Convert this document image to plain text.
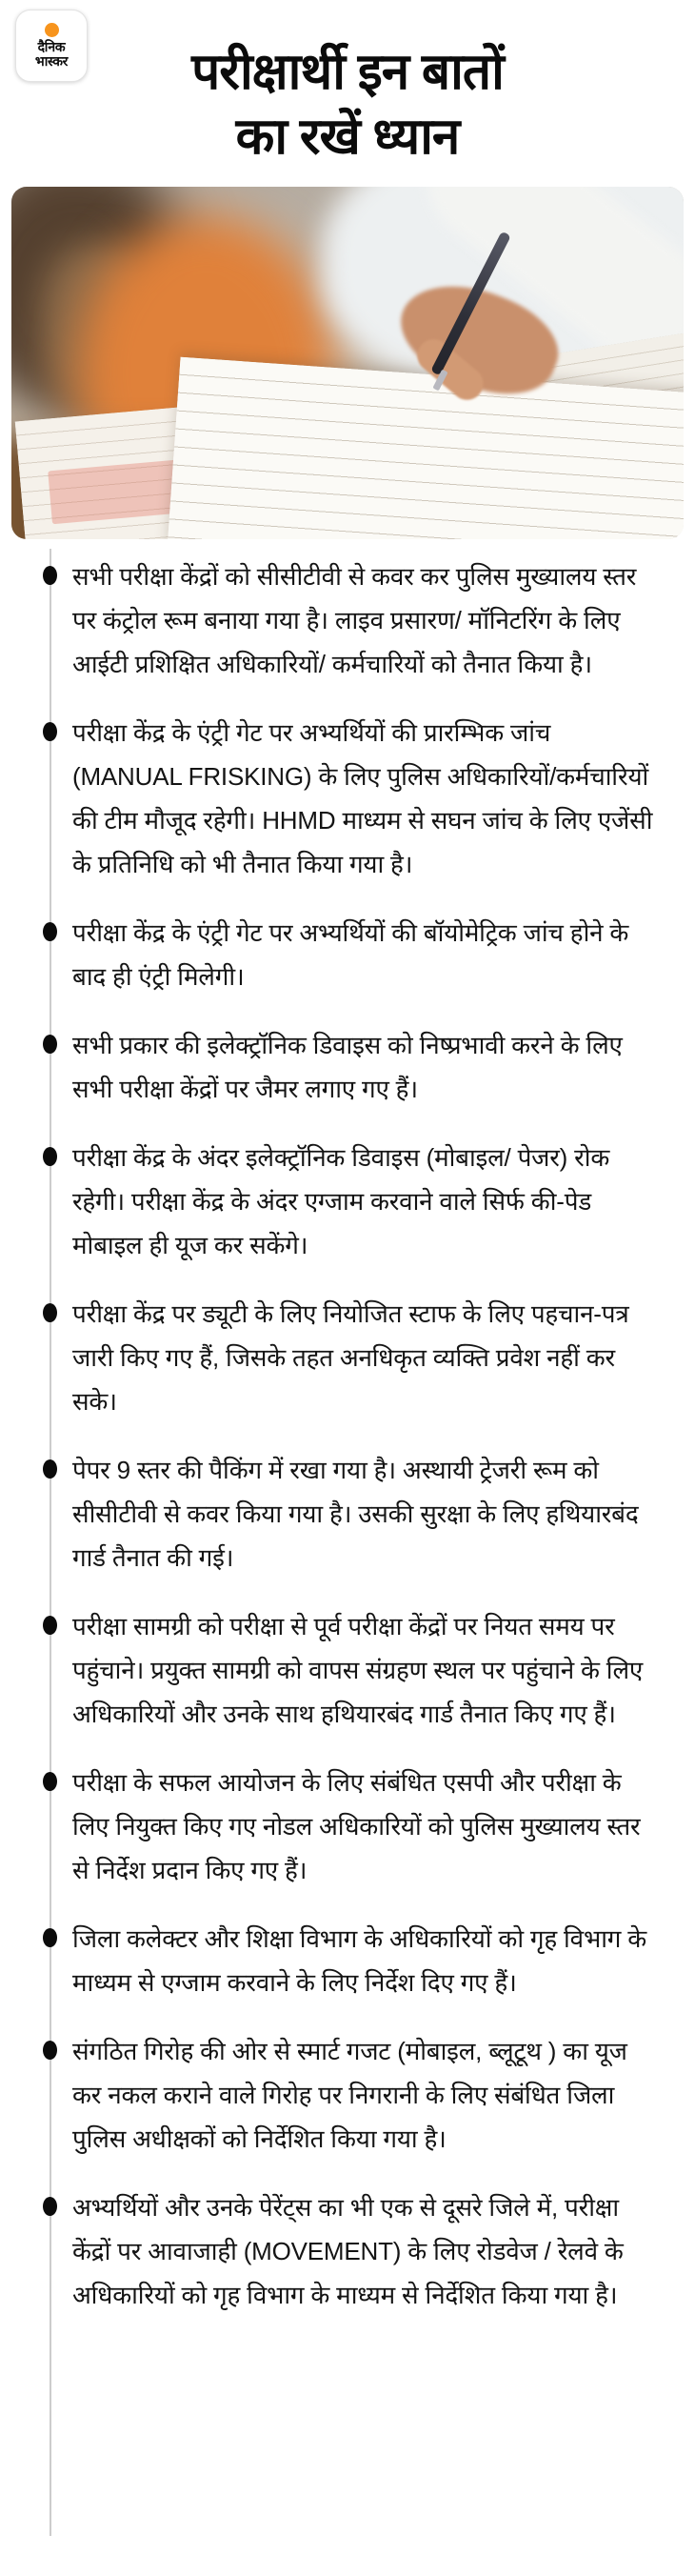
दैनिक
भास्कर	परीक्षार्थी इन बातों
का रखें ध्यान
सभी परीक्षा केंद्रों को सीसीटीवी से कवर कर पुलिस मुख्यालय स्तर पर कंट्रोल रूम बनाया गया है। लाइव प्रसारण/ मॉनिटरिंग के लिए आईटी प्रशिक्षित अधिकारियों/ कर्मचारियों को तैनात किया है।
परीक्षा केंद्र के एंट्री गेट पर अभ्यर्थियों की प्रारम्भिक जांच (MANUAL FRISKING) के लिए पुलिस अधिकारियों/कर्मचारियों की टीम मौजूद रहेगी। HHMD माध्यम से सघन जांच के लिए एजेंसी के प्रतिनिधि को भी तैनात किया गया है।
परीक्षा केंद्र के एंट्री गेट पर अभ्यर्थियों की बॉयोमेट्रिक जांच होने के बाद ही एंट्री मिलेगी।
सभी प्रकार की इलेक्ट्रॉनिक डिवाइस को निष्प्रभावी करने के लिए सभी परीक्षा केंद्रों पर जैमर लगाए गए हैं।
परीक्षा केंद्र के अंदर इलेक्ट्रॉनिक डिवाइस (मोबाइल/ पेजर) रोक रहेगी। परीक्षा केंद्र के अंदर एग्जाम करवाने वाले सिर्फ की-पेड मोबाइल ही यूज कर सकेंगे।
परीक्षा केंद्र पर ड्यूटी के लिए नियोजित स्टाफ के लिए पहचान-पत्र जारी किए गए हैं, जिसके तहत अनधिकृत व्यक्ति प्रवेश नहीं कर सके।
पेपर 9 स्तर की पैकिंग में रखा गया है। अस्थायी ट्रेजरी रूम को सीसीटीवी से कवर किया गया है। उसकी सुरक्षा के लिए हथियारबंद गार्ड तैनात की गई।
परीक्षा सामग्री को परीक्षा से पूर्व परीक्षा केंद्रों पर नियत समय पर पहुंचाने। प्रयुक्त सामग्री को वापस संग्रहण स्थल पर पहुंचाने के लिए अधिकारियों और उनके साथ हथियारबंद गार्ड तैनात किए गए हैं।
परीक्षा के सफल आयोजन के लिए संबंधित एसपी और परीक्षा के लिए नियुक्त किए गए नोडल अधिकारियों को पुलिस मुख्यालय स्तर से निर्देश प्रदान किए गए हैं।
जिला कलेक्टर और शिक्षा विभाग के अधिकारियों को गृह विभाग के माध्यम से एग्जाम करवाने के लिए निर्देश दिए गए हैं।
संगठित गिरोह की ओर से स्मार्ट गजट (मोबाइल, ब्लूटूथ ) का यूज कर नकल कराने वाले गिरोह पर निगरानी के लिए संबंधित जिला पुलिस अधीक्षकों को निर्देशित किया गया है।
अभ्यर्थियों और उनके पेरेंट्स का भी एक से दूसरे जिले में, परीक्षा केंद्रों पर आवाजाही (MOVEMENT) के लिए रोडवेज / रेलवे के अधिकारियों को गृह विभाग के माध्यम से निर्देशित किया गया है।
